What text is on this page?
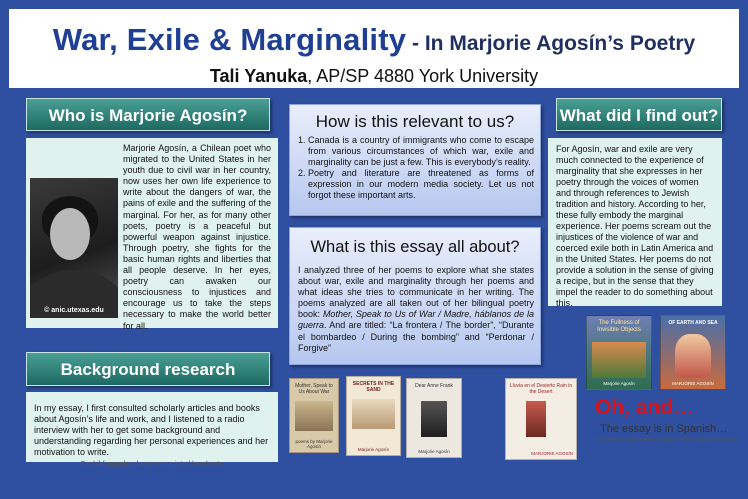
War, Exile & Marginality - In Marjorie Agosín’s Poetry
Tali Yanuka, AP/SP 4880 York University
Who is Marjorie Agosín?

Marjorie Agosín, a Chilean poet who migrated to the United States in her youth due to civil war in her country, now uses her own life experience to write about the dangers of war, the pains of exile and the suffering of the marginal. For her, as for many other poets, poetry is a peaceful but powerful weapon against injustice. Through poetry, she fights for the basic human rights and liberties that all people deserve. In her eyes, poetry can awaken our consciousness to injustices and encourage us to take the steps necessary to make the world better for all.

© anic.utexas.edu
Background research

In my essay, I first consulted scholarly articles and books about Agosín’s life and work, and I listened to a radio interview with her to get some background and understanding regarding her personal experiences and her motivation to write.

For bibliography please see printed hand-outs
How is this relevant to us?
1. Canada is a country of immigrants who come to escape from various circumstances of which war, exile and marginality can be just a few. This is everybody’s reality.

2. Poetry and literature are threatened as forms of expression in our modern media society. Let us not forgot these important arts.

What is this essay all about?

I analyzed three of her poems to explore what she states about war, exile and marginality through her poems and what ideas she tries to communicate in her writing. The poems analyzed are all taken out of her bilingual poetry book: Mother, Speak to Us of War / Madre, háblanos de la guerra. And are titled: “La frontera / The border”, “Durante el bombardeo / During the bombing” and “Perdonar / Forgive”

What did I find out?

For Agosín, war and exile are very much connected to the experience of marginality that she expresses in her poetry through the voices of women and through references to Jewish tradition and history. According to her, these fully embody the marginal experience. Her poems scream out the injustices of the violence of war and coerced exile both in Latin America and in the United States. Her poems do not provide a solution in the sense of giving a recipe, but in the sense that they impel the reader to do something about this.

Mother, Speak to Us About War
poems by Marjorie Agosín
SECRETS IN THE SAND
Marjorie Agosín
Dear Anne Frank
Marjorie Agosín
Lluvia en el Desierto Rain in the Desert
MARJORIE AGOSÍN
The Fullness of Invisible Objects
Marjorie Agosín
OF EARTH AND SEA
MARJORIE AGOSÍN
Oh, and…
The essay is in Spanish…
For further questions please contact me at: sukha100@yorku.ca
